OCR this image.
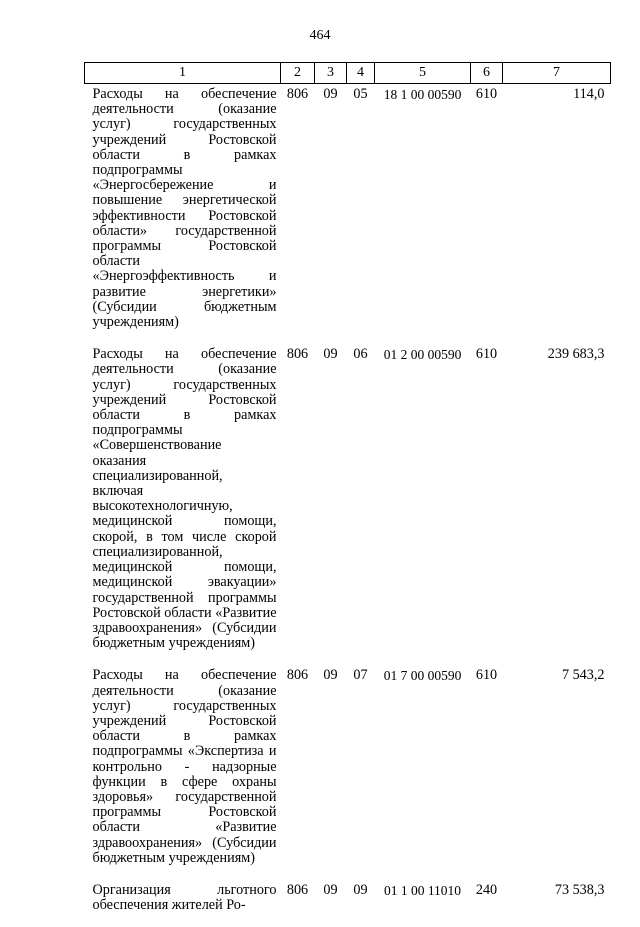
464
1	2	3	4	5	6	7
Расходы на обеспечение деятельности (оказание услуг) государственных учреждений Ростовской области в рамках подпрограммы «Энергосбережение и повышение энергетической эффективности Ростовской области» государственной программы Ростовской области «Энергоэффективность и развитие энергетики» (Субсидии бюджетным учреждениям)	806	09	05	18 1 00 00590	610	114,0
Расходы на обеспечение деятельности (оказание услуг) государственных учреждений Ростовской области в рамках подпрограммы «Совершенствование оказания специализированной, включая высокотехнологичную, медицинской помощи, скорой, в том числе скорой специализированной, медицинской помощи, медицинской эвакуации» государственной программы Ростовской области «Развитие здравоохранения» (Субсидии бюджетным учреждениям)	806	09	06	01 2 00 00590	610	239 683,3
Расходы на обеспечение деятельности (оказание услуг) государственных учреждений Ростовской области в рамках подпрограммы «Экспертиза и контрольно - надзорные функции в сфере охраны здоровья» государственной программы Ростовской области «Развитие здравоохранения» (Субсидии бюджетным учреждениям)	806	09	07	01 7 00 00590	610	7 543,2
Организация льготного обеспечения жителей Ро-	806	09	09	01 1 00 11010	240	73 538,3
